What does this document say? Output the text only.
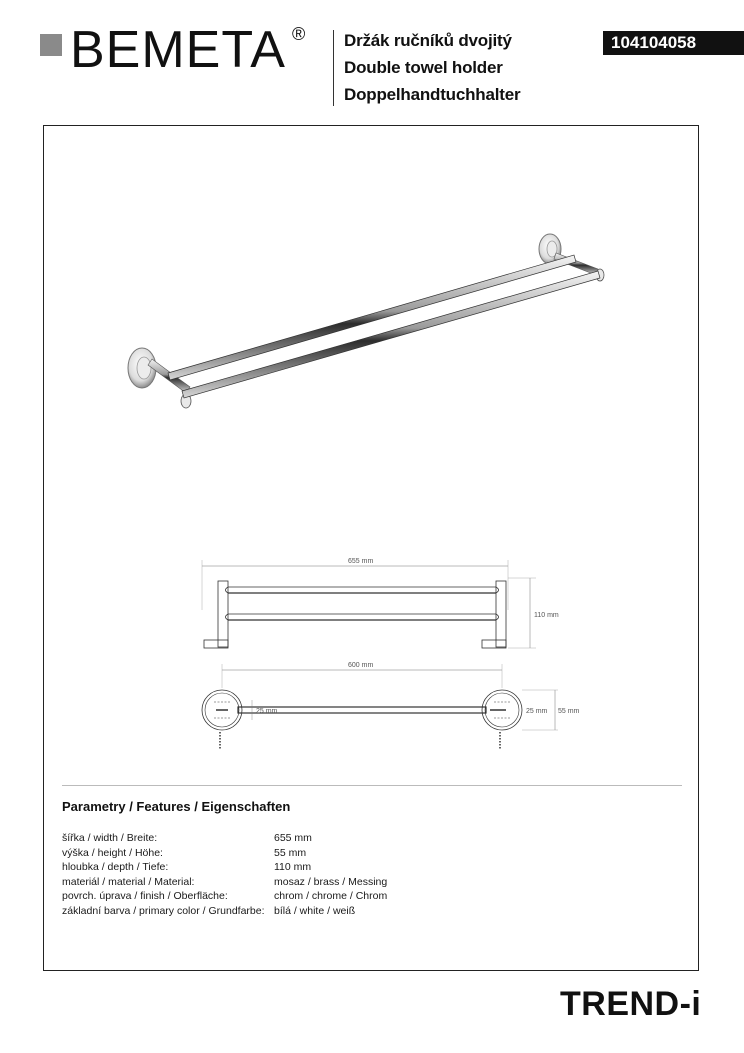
BEMETA ® Držák ručníků dvojitý
Double towel holder
Doppelhandtuchhalter
104104058
655 mm
110 mm
600 mm
25 mm	25 mm 55 mm
Parametry / Features / Eigenschaften
šířka / width / Breite:	655 mm
výška / height / Höhe:	55 mm
hloubka / depth / Tiefe:	110 mm
materiál / material / Material:	mosaz / brass / Messing
povrch. úprava / finish / Oberfläche:	chrom / chrome / Chrom
základní barva / primary color / Grundfarbe: bílá / white / weiß
TREND-i
